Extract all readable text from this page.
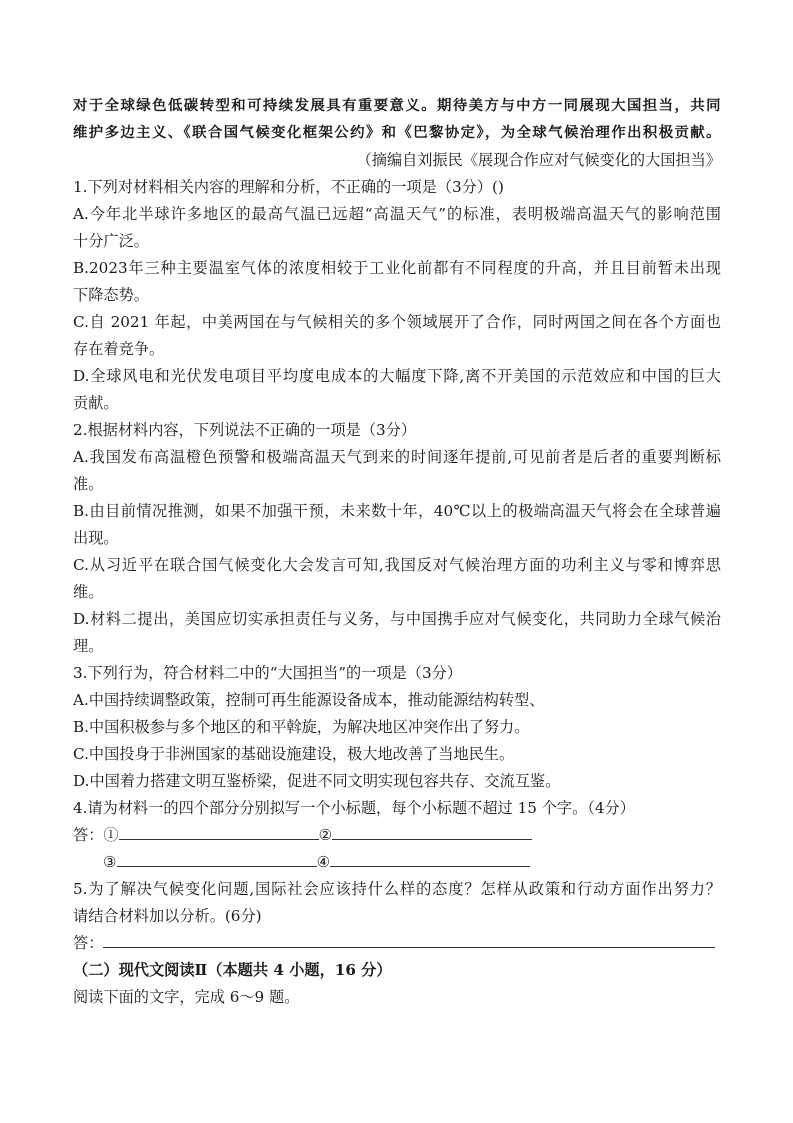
对于全球绿色低碳转型和可持续发展具有重要意义。期待美方与中方一同展现大国担当，共同
维护多边主义、《联合国气候变化框架公约》和《巴黎协定》，为全球气候治理作出积极贡献。
（摘编自刘振民《展现合作应对气候变化的大国担当》
1.下列对材料相关内容的理解和分析，不正确的一项是（3分）()
A.今年北半球许多地区的最高气温已远超“高温天气”的标准，表明极端高温天气的影响范围
十分广泛。
B.2023年三种主要温室气体的浓度相较于工业化前都有不同程度的升高，并且目前暂未出现
下降态势。
C.自 2021 年起，中美两国在与气候相关的多个领域展开了合作，同时两国之间在各个方面也
存在着竞争。
D.全球风电和光伏发电项目平均度电成本的大幅度下降,离不开美国的示范效应和中国的巨大
贡献。
2.根据材料内容，下列说法不正确的一项是（3分）
A.我国发布高温橙色预警和极端高温天气到来的时间逐年提前,可见前者是后者的重要判断标
准。
B.由目前情况推测，如果不加强干预，未来数十年，40℃以上的极端高温天气将会在全球普遍
出现。
C.从习近平在联合国气候变化大会发言可知,我国反对气候治理方面的功利主义与零和博弈思
维。
D.材料二提出，美国应切实承担责任与义务，与中国携手应对气候变化，共同助力全球气候治
理。
3.下列行为，符合材料二中的“大国担当”的一项是（3分）
A.中国持续调整政策，控制可再生能源设备成本，推动能源结构转型、
B.中国积极参与多个地区的和平斡旋，为解决地区冲突作出了努力。
C.中国投身于非洲国家的基础设施建设，极大地改善了当地民生。
D.中国着力搭建文明互鉴桥梁，促进不同文明实现包容共存、交流互鉴。
4.请为材料一的四个部分分别拟写一个小标题，每个小标题不超过 15 个字。（4分）
答：①	②
③	④
5.为了解决气候变化问题,国际社会应该持什么样的态度？怎样从政策和行动方面作出努力？
请结合材料加以分析。(6分)
答：
（二）现代文阅读Ⅱ（本题共 4 小题，16 分）
阅读下面的文字，完成 6～9 题。
